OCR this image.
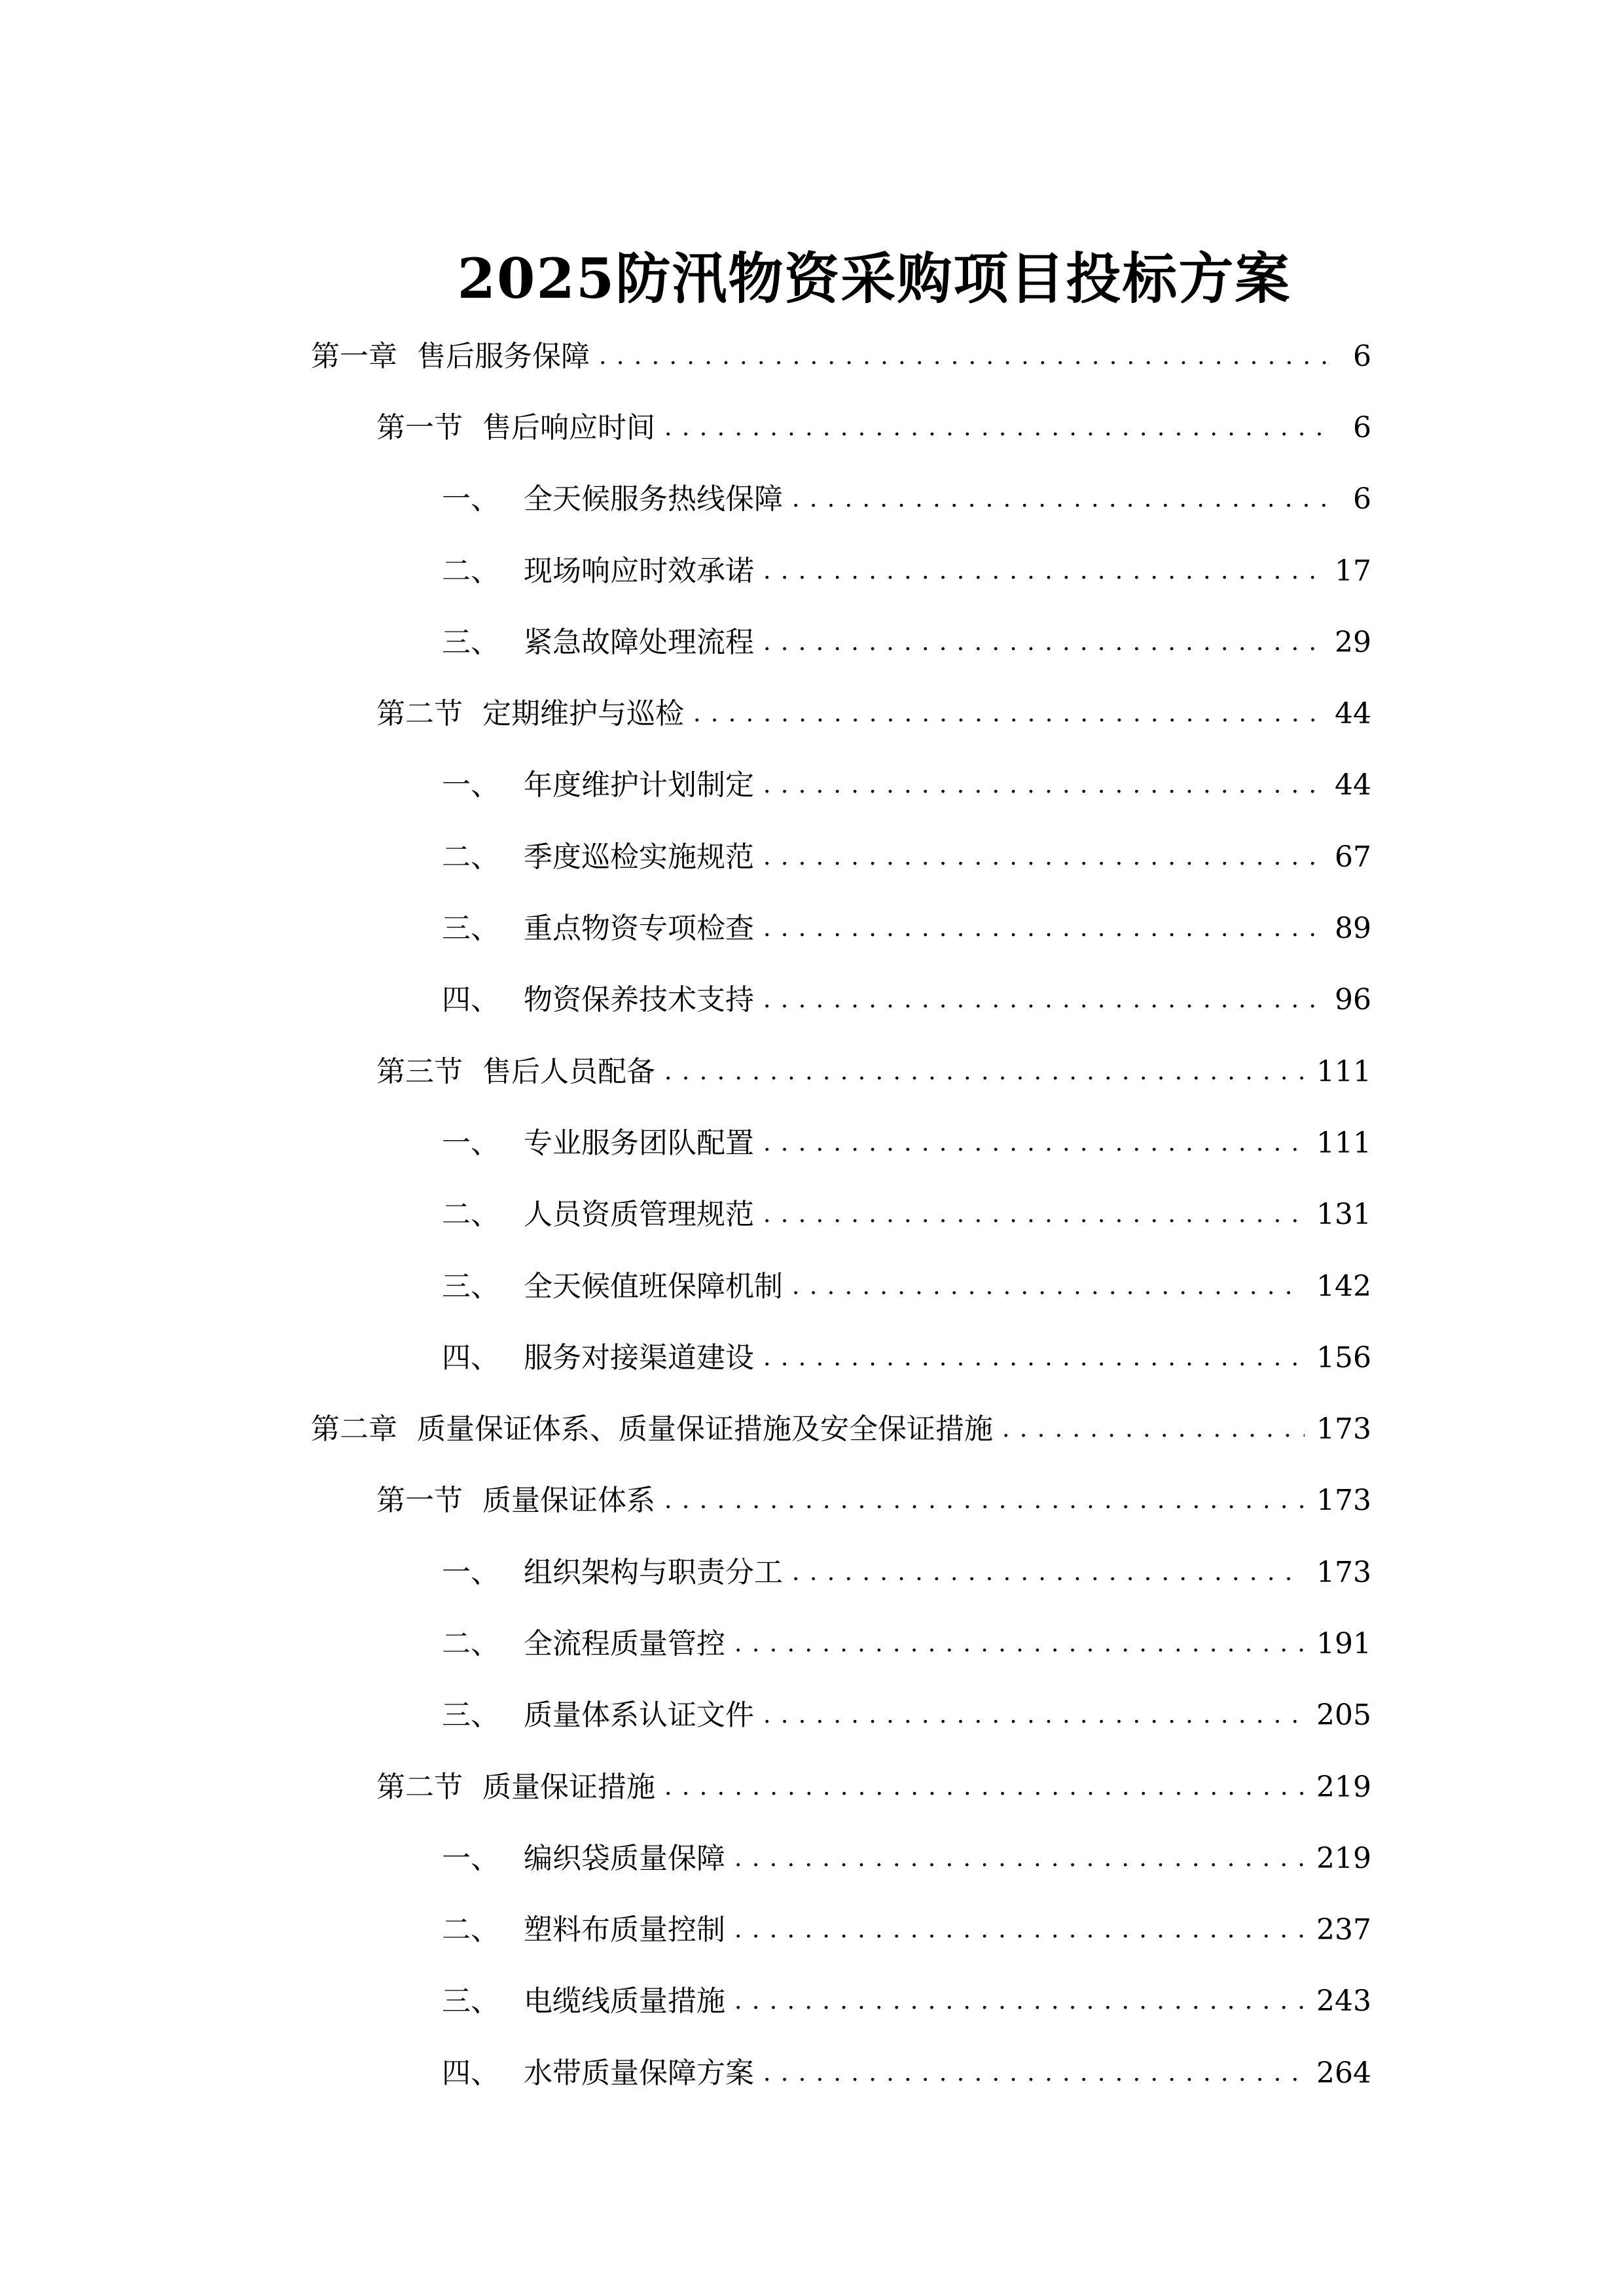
2025防汛物资采购项目投标方案
第一章 售后服务保障 . . .	6
第一节 售后响应时间 . . .	6
一、 全天候服务热线保障 . . .	6
二、 现场响应时效承诺 . . .	17
三、 紧急故障处理流程 . . .	29
第二节 定期维护与巡检 . . .	44
一、 年度维护计划制定 . . .	44
二、 季度巡检实施规范 . . .	67
三、 重点物资专项检查 . . .	89
四、 物资保养技术支持 . . .	96
第三节 售后人员配备 . . .	111
一、 专业服务团队配置 . . .	111
二、 人员资质管理规范 . . .	131
三、 全天候值班保障机制 . . .	142
四、 服务对接渠道建设 . . .	156
第二章 质量保证体系、质量保证措施及安全保证措施 . . .	173
第一节 质量保证体系 . . .	173
一、 组织架构与职责分工 . . .	173
二、 全流程质量管控 . . .	191
三、 质量体系认证文件 . . .	205
第二节 质量保证措施 . . .	219
一、 编织袋质量保障 . . .	219
二、 塑料布质量控制 . . .	237
三、 电缆线质量措施 . . .	243
四、 水带质量保障方案 . . .	264
